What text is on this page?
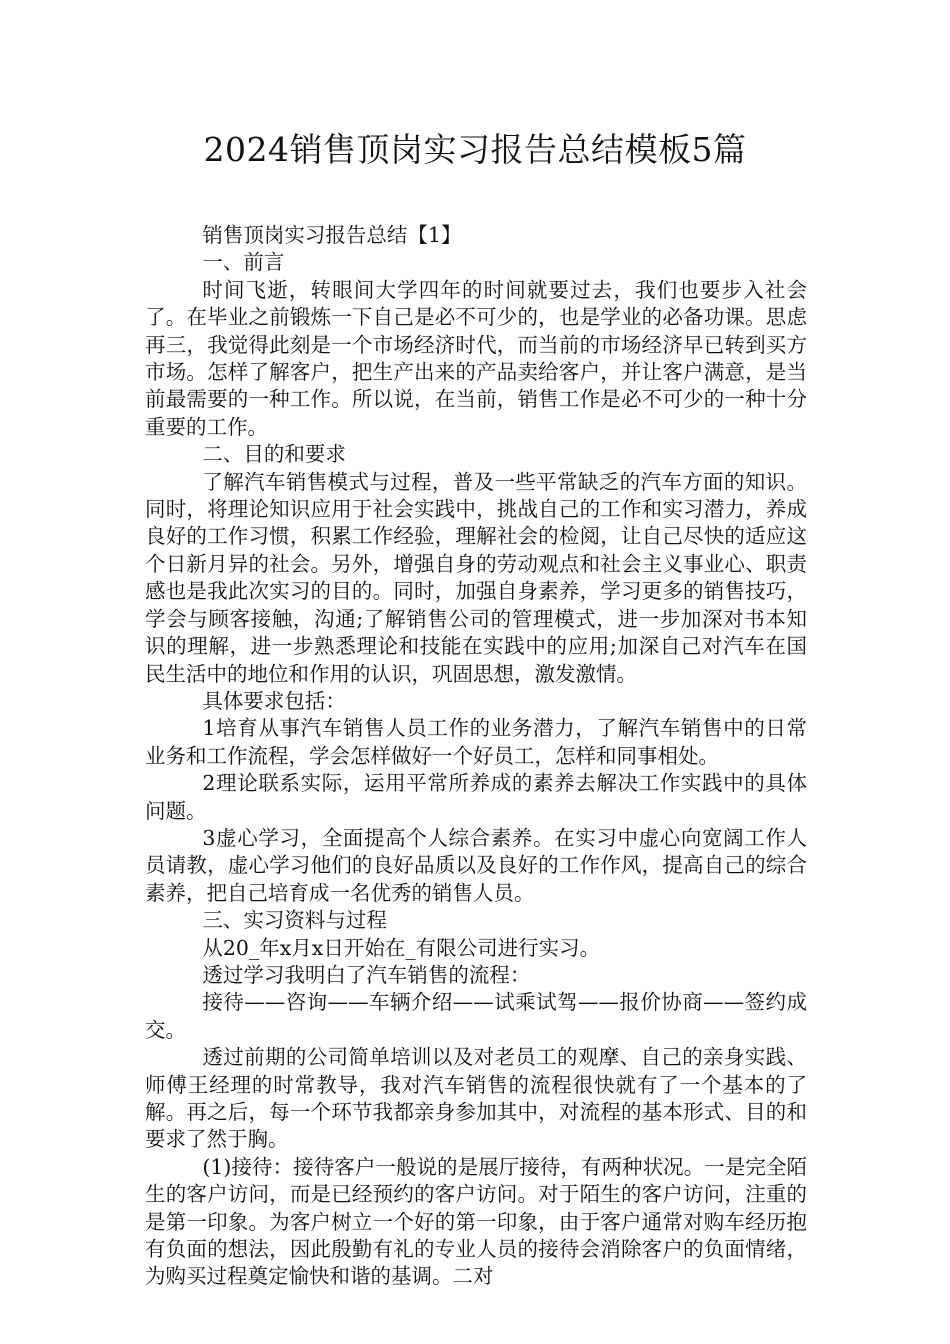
2024销售顶岗实习报告总结模板5篇

销售顶岗实习报告总结【1】

一、前言

时间飞逝，转眼间大学四年的时间就要过去，我们也要步入社会了。在毕业之前锻炼一下自己是必不可少的，也是学业的必备功课。思虑再三，我觉得此刻是一个市场经济时代，而当前的市场经济早已转到买方市场。怎样了解客户，把生产出来的产品卖给客户，并让客户满意，是当前最需要的一种工作。所以说，在当前，销售工作是必不可少的一种十分重要的工作。

二、目的和要求

了解汽车销售模式与过程，普及一些平常缺乏的汽车方面的知识。同时，将理论知识应用于社会实践中，挑战自己的工作和实习潜力，养成良好的工作习惯，积累工作经验，理解社会的检阅，让自己尽快的适应这个日新月异的社会。另外，增强自身的劳动观点和社会主义事业心、职责感也是我此次实习的目的。同时，加强自身素养，学习更多的销售技巧，学会与顾客接触，沟通;了解销售公司的管理模式，进一步加深对书本知识的理解，进一步熟悉理论和技能在实践中的应用;加深自己对汽车在国民生活中的地位和作用的认识，巩固思想，激发激情。

具体要求包括：

1培育从事汽车销售人员工作的业务潜力，了解汽车销售中的日常业务和工作流程，学会怎样做好一个好员工，怎样和同事相处。

2理论联系实际，运用平常所养成的素养去解决工作实践中的具体问题。

3虚心学习，全面提高个人综合素养。在实习中虚心向宽阔工作人员请教，虚心学习他们的良好品质以及良好的工作作风，提高自己的综合素养，把自己培育成一名优秀的销售人员。

三、实习资料与过程

从20_年x月x日开始在_有限公司进行实习。

透过学习我明白了汽车销售的流程：

接待——咨询——车辆介绍——试乘试驾——报价协商——签约成交。

透过前期的公司简单培训以及对老员工的观摩、自己的亲身实践、师傅王经理的时常教导，我对汽车销售的流程很快就有了一个基本的了解。再之后，每一个环节我都亲身参加其中，对流程的基本形式、目的和要求了然于胸。

(1)接待：接待客户一般说的是展厅接待，有两种状况。一是完全陌生的客户访问，而是已经预约的客户访问。对于陌生的客户访问，注重的是第一印象。为客户树立一个好的第一印象，由于客户通常对购车经历抱有负面的想法，因此殷勤有礼的专业人员的接待会消除客户的负面情绪，为购买过程奠定愉快和谐的基调。二对
